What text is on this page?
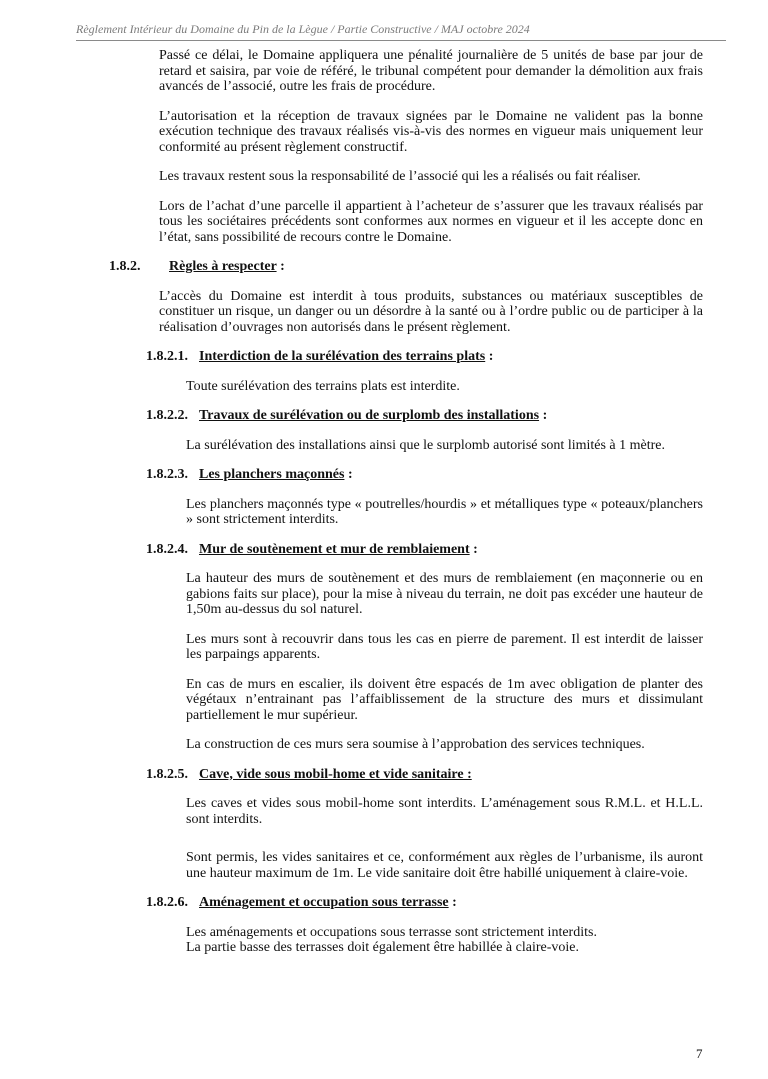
Règlement Intérieur du Domaine du Pin de la Lègue / Partie Constructive / MAJ octobre 2024

Passé ce délai, le Domaine appliquera une pénalité journalière de 5 unités de base par jour de retard et saisira, par voie de référé, le tribunal compétent pour demander la démolition aux frais avancés de l’associé, outre les frais de procédure.

L’autorisation et la réception de travaux signées par le Domaine ne valident pas la bonne exécution technique des travaux réalisés vis-à-vis des normes en vigueur mais uniquement leur conformité au présent règlement constructif.

Les travaux restent sous la responsabilité de l’associé qui les a réalisés ou fait réaliser.

Lors de l’achat d’une parcelle il appartient à l’acheteur de s’assurer que les travaux réalisés par tous les sociétaires précédents sont conformes aux normes en vigueur et il les accepte donc en l’état, sans possibilité de recours contre le Domaine.

1.8.2. Règles à respecter :

L’accès du Domaine est interdit à tous produits, substances ou matériaux susceptibles de constituer un risque, un danger ou un désordre à la santé ou à l’ordre public ou de participer à la réalisation d’ouvrages non autorisés dans le présent règlement.

1.8.2.1. Interdiction de la surélévation des terrains plats :

Toute surélévation des terrains plats est interdite.

1.8.2.2. Travaux de surélévation ou de surplomb des installations :

La surélévation des installations ainsi que le surplomb autorisé sont limités à 1 mètre.

1.8.2.3. Les planchers maçonnés :

Les planchers maçonnés type « poutrelles/hourdis » et métalliques type « poteaux/planchers » sont strictement interdits.

1.8.2.4. Mur de soutènement et mur de remblaiement :

La hauteur des murs de soutènement et des murs de remblaiement (en maçonnerie ou en gabions faits sur place), pour la mise à niveau du terrain, ne doit pas excéder une hauteur de 1,50m au-dessus du sol naturel.

Les murs sont à recouvrir dans tous les cas en pierre de parement. Il est interdit de laisser les parpaings apparents.

En cas de murs en escalier, ils doivent être espacés de 1m avec obligation de planter des végétaux n’entrainant pas l’affaiblissement de la structure des murs et dissimulant partiellement le mur supérieur.

La construction de ces murs sera soumise à l’approbation des services techniques.

1.8.2.5. Cave, vide sous mobil-home et vide sanitaire :

Les caves et vides sous mobil-home sont interdits. L’aménagement sous R.M.L. et H.L.L. sont interdits.

Sont permis, les vides sanitaires et ce, conformément aux règles de l’urbanisme, ils auront une hauteur maximum de 1m. Le vide sanitaire doit être habillé uniquement à claire-voie.

1.8.2.6. Aménagement et occupation sous terrasse :

Les aménagements et occupations sous terrasse sont strictement interdits.

La partie basse des terrasses doit également être habillée à claire-voie.

7
